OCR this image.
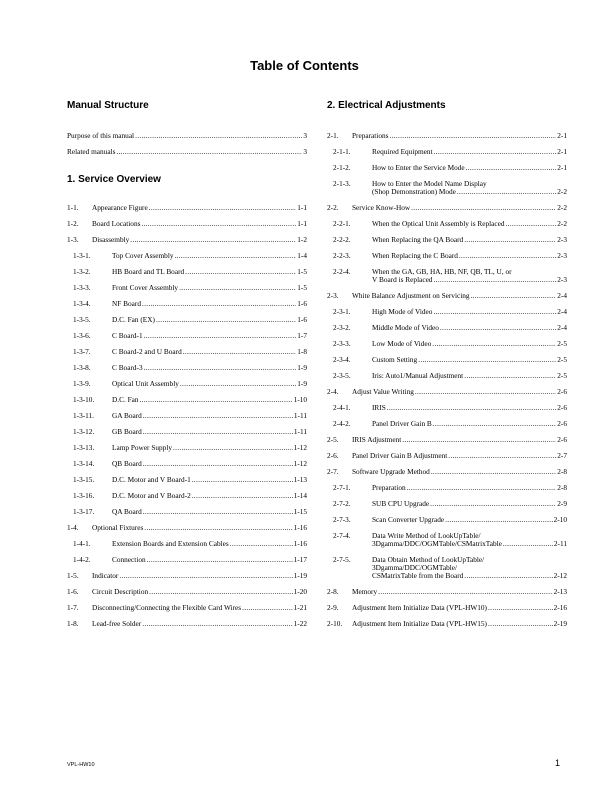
Table of Contents
Manual Structure
Purpose of this manual .....	3
Related manuals .....	3
1. Service Overview
1-1.	Appearance Figure .....	1-1
1-2.	Board Locations .....	1-1
1-3.	Disassembly .....	1-2
1-3-1.	Top Cover Assembly .....	1-4
1-3-2.	HB Board and TL Board .....	1-5
1-3-3.	Front Cover Assembly .....	1-5
1-3-4.	NF Board .....	1-6
1-3-5.	D.C. Fan (EX) .....	1-6
1-3-6.	C Board-1 .....	1-7
1-3-7.	C Board-2 and U Board .....	1-8
1-3-8.	C Board-3 .....	1-9
1-3-9.	Optical Unit Assembly .....	1-9
1-3-10.	D.C. Fan .....	1-10
1-3-11.	GA Board .....	1-11
1-3-12.	GB Board .....	1-11
1-3-13.	Lamp Power Supply .....	1-12
1-3-14.	QB Board .....	1-12
1-3-15.	D.C. Motor and V Board-1 .....	1-13
1-3-16.	D.C. Motor and V Board-2 .....	1-14
1-3-17.	QA Board .....	1-15
1-4.	Optional Fixtures .....	1-16
1-4-1.	Extension Boards and Extension Cables .....	1-16
1-4-2.	Connection .....	1-17
1-5.	Indicator .....	1-19
1-6.	Circuit Description .....	1-20
1-7.	Disconnecting/Connecting the Flexible Card Wires .....	1-21
1-8.	Lead-free Solder .....	1-22
2. Electrical Adjustments
2-1.	Preparations .....	2-1
2-1-1.	Required Equipment .....	2-1
2-1-2.	How to Enter the Service Mode .....	2-1
2-1-3.	How to Enter the Model Name Display
(Shop Demonstration) Mode .....	2-2
2-2.	Service Know-How .....	2-2
2-2-1.	When the Optical Unit Assembly is Replaced .....	2-2
2-2-2.	When Replacing the QA Board .....	2-3
2-2-3.	When Replacing the C Board .....	2-3
2-2-4.	When the GA, GB, HA, HB, NF, QB, TL, U, or
V Board is Replaced .....	2-3
2-3.	White Balance Adjustment on Servicing .....	2-4
2-3-1.	High Mode of Video .....	2-4
2-3-2.	Middle Mode of Video .....	2-4
2-3-3.	Low Mode of Video .....	2-5
2-3-4.	Custom Setting .....	2-5
2-3-5.	Iris: Auto1/Manual Adjustment .....	2-5
2-4.	Adjust Value Writing .....	2-6
2-4-1.	IRIS .....	2-6
2-4-2.	Panel Driver Gain B .....	2-6
2-5.	IRIS Adjustment .....	2-6
2-6.	Panel Driver Gain B Adjustment .....	2-7
2-7.	Software Upgrade Method .....	2-8
2-7-1.	Preparation .....	2-8
2-7-2.	SUB CPU Upgrade .....	2-9
2-7-3.	Scan Converter Upgrade .....	2-10
2-7-4.	Data Write Method of LookUpTable/
3Dgamma/DDC/OGMTable/CSMatrixTable .....	2-11
2-7-5.	Data Obtain Method of LookUpTable/
3Dgamma/DDC/OGMTable/
CSMatrixTable from the Board .....	2-12
2-8.	Memory .....	2-13
2-9.	Adjustment Item Initialize Data (VPL-HW10) .....	2-16
2-10.	Adjustment Item Initialize Data (VPL-HW15) .....	2-19
VPL-HW10	1
